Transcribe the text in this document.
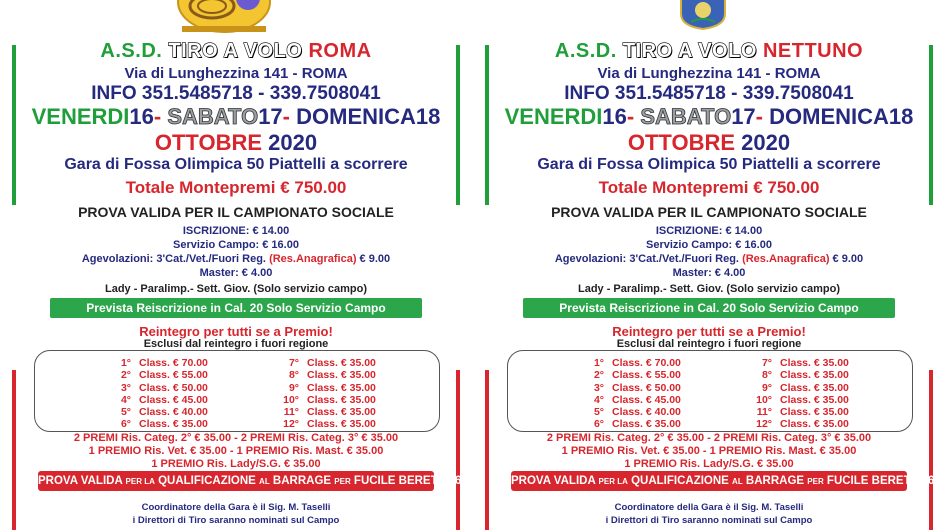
A.S.D. TIRO A VOLO ROMA
Via di Lunghezzina 141 - ROMA
INFO 351.5485718 - 339.7508041
VENERDI16- SABATO17- DOMENICA18
OTTOBRE 2020
Gara di Fossa Olimpica 50 Piattelli a scorrere
Totale Montepremi € 750.00
PROVA VALIDA PER IL CAMPIONATO SOCIALE
ISCRIZIONE: € 14.00
Servizio Campo: € 16.00
Agevolazioni: 3'Cat./Vet./Fuori Reg. (Res.Anagrafica) € 9.00
Master: € 4.00
Lady - Paralimp.- Sett. Giov. (Solo servizio campo)
Prevista Reiscrizione in Cal. 20 Solo Servizio Campo
Reintegro per tutti se a Premio!
Esclusi dal reintegro i fuori regione
1° Class. € 70.00
2° Class. € 55.00
3° Class. € 50.00
4° Class. € 45.00
5° Class. € 40.00
6° Class. € 35.00
7° Class. € 35.00
8° Class. € 35.00
9° Class. € 35.00
10° Class. € 35.00
11° Class. € 35.00
12° Class. € 35.00
2 PREMI Ris. Categ. 2° € 35.00 - 2 PREMI Ris. Categ. 3° € 35.00
1 PREMIO Ris. Vet. € 35.00 - 1 PREMIO Ris. Mast. € 35.00
1 PREMIO Ris. Lady/S.G. € 35.00
PROVA VALIDA PER LA QUALIFICAZIONE AL BARRAGE PER FUCILE BERETTA 694
Coordinatore della Gara è il Sig. M. Taselli
i Direttori di Tiro saranno nominati sul Campo
A.S.D. TIRO A VOLO NETTUNO
Via di Lunghezzina 141 - ROMA
INFO 351.5485718 - 339.7508041
VENERDI16- SABATO17- DOMENICA18
OTTOBRE 2020
Gara di Fossa Olimpica 50 Piattelli a scorrere
Totale Montepremi € 750.00
PROVA VALIDA PER IL CAMPIONATO SOCIALE
ISCRIZIONE: € 14.00
Servizio Campo: € 16.00
Agevolazioni: 3'Cat./Vet./Fuori Reg. (Res.Anagrafica) € 9.00
Master: € 4.00
Lady - Paralimp.- Sett. Giov. (Solo servizio campo)
Prevista Reiscrizione in Cal. 20 Solo Servizio Campo
Reintegro per tutti se a Premio!
Esclusi dal reintegro i fuori regione
1° Class. € 70.00
2° Class. € 55.00
3° Class. € 50.00
4° Class. € 45.00
5° Class. € 40.00
6° Class. € 35.00
7° Class. € 35.00
8° Class. € 35.00
9° Class. € 35.00
10° Class. € 35.00
11° Class. € 35.00
12° Class. € 35.00
2 PREMI Ris. Categ. 2° € 35.00 - 2 PREMI Ris. Categ. 3° € 35.00
1 PREMIO Ris. Vet. € 35.00 - 1 PREMIO Ris. Mast. € 35.00
1 PREMIO Ris. Lady/S.G. € 35.00
PROVA VALIDA PER LA QUALIFICAZIONE AL BARRAGE PER FUCILE BERETTA 694
Coordinatore della Gara è il Sig. M. Taselli
i Direttori di Tiro saranno nominati sul Campo
